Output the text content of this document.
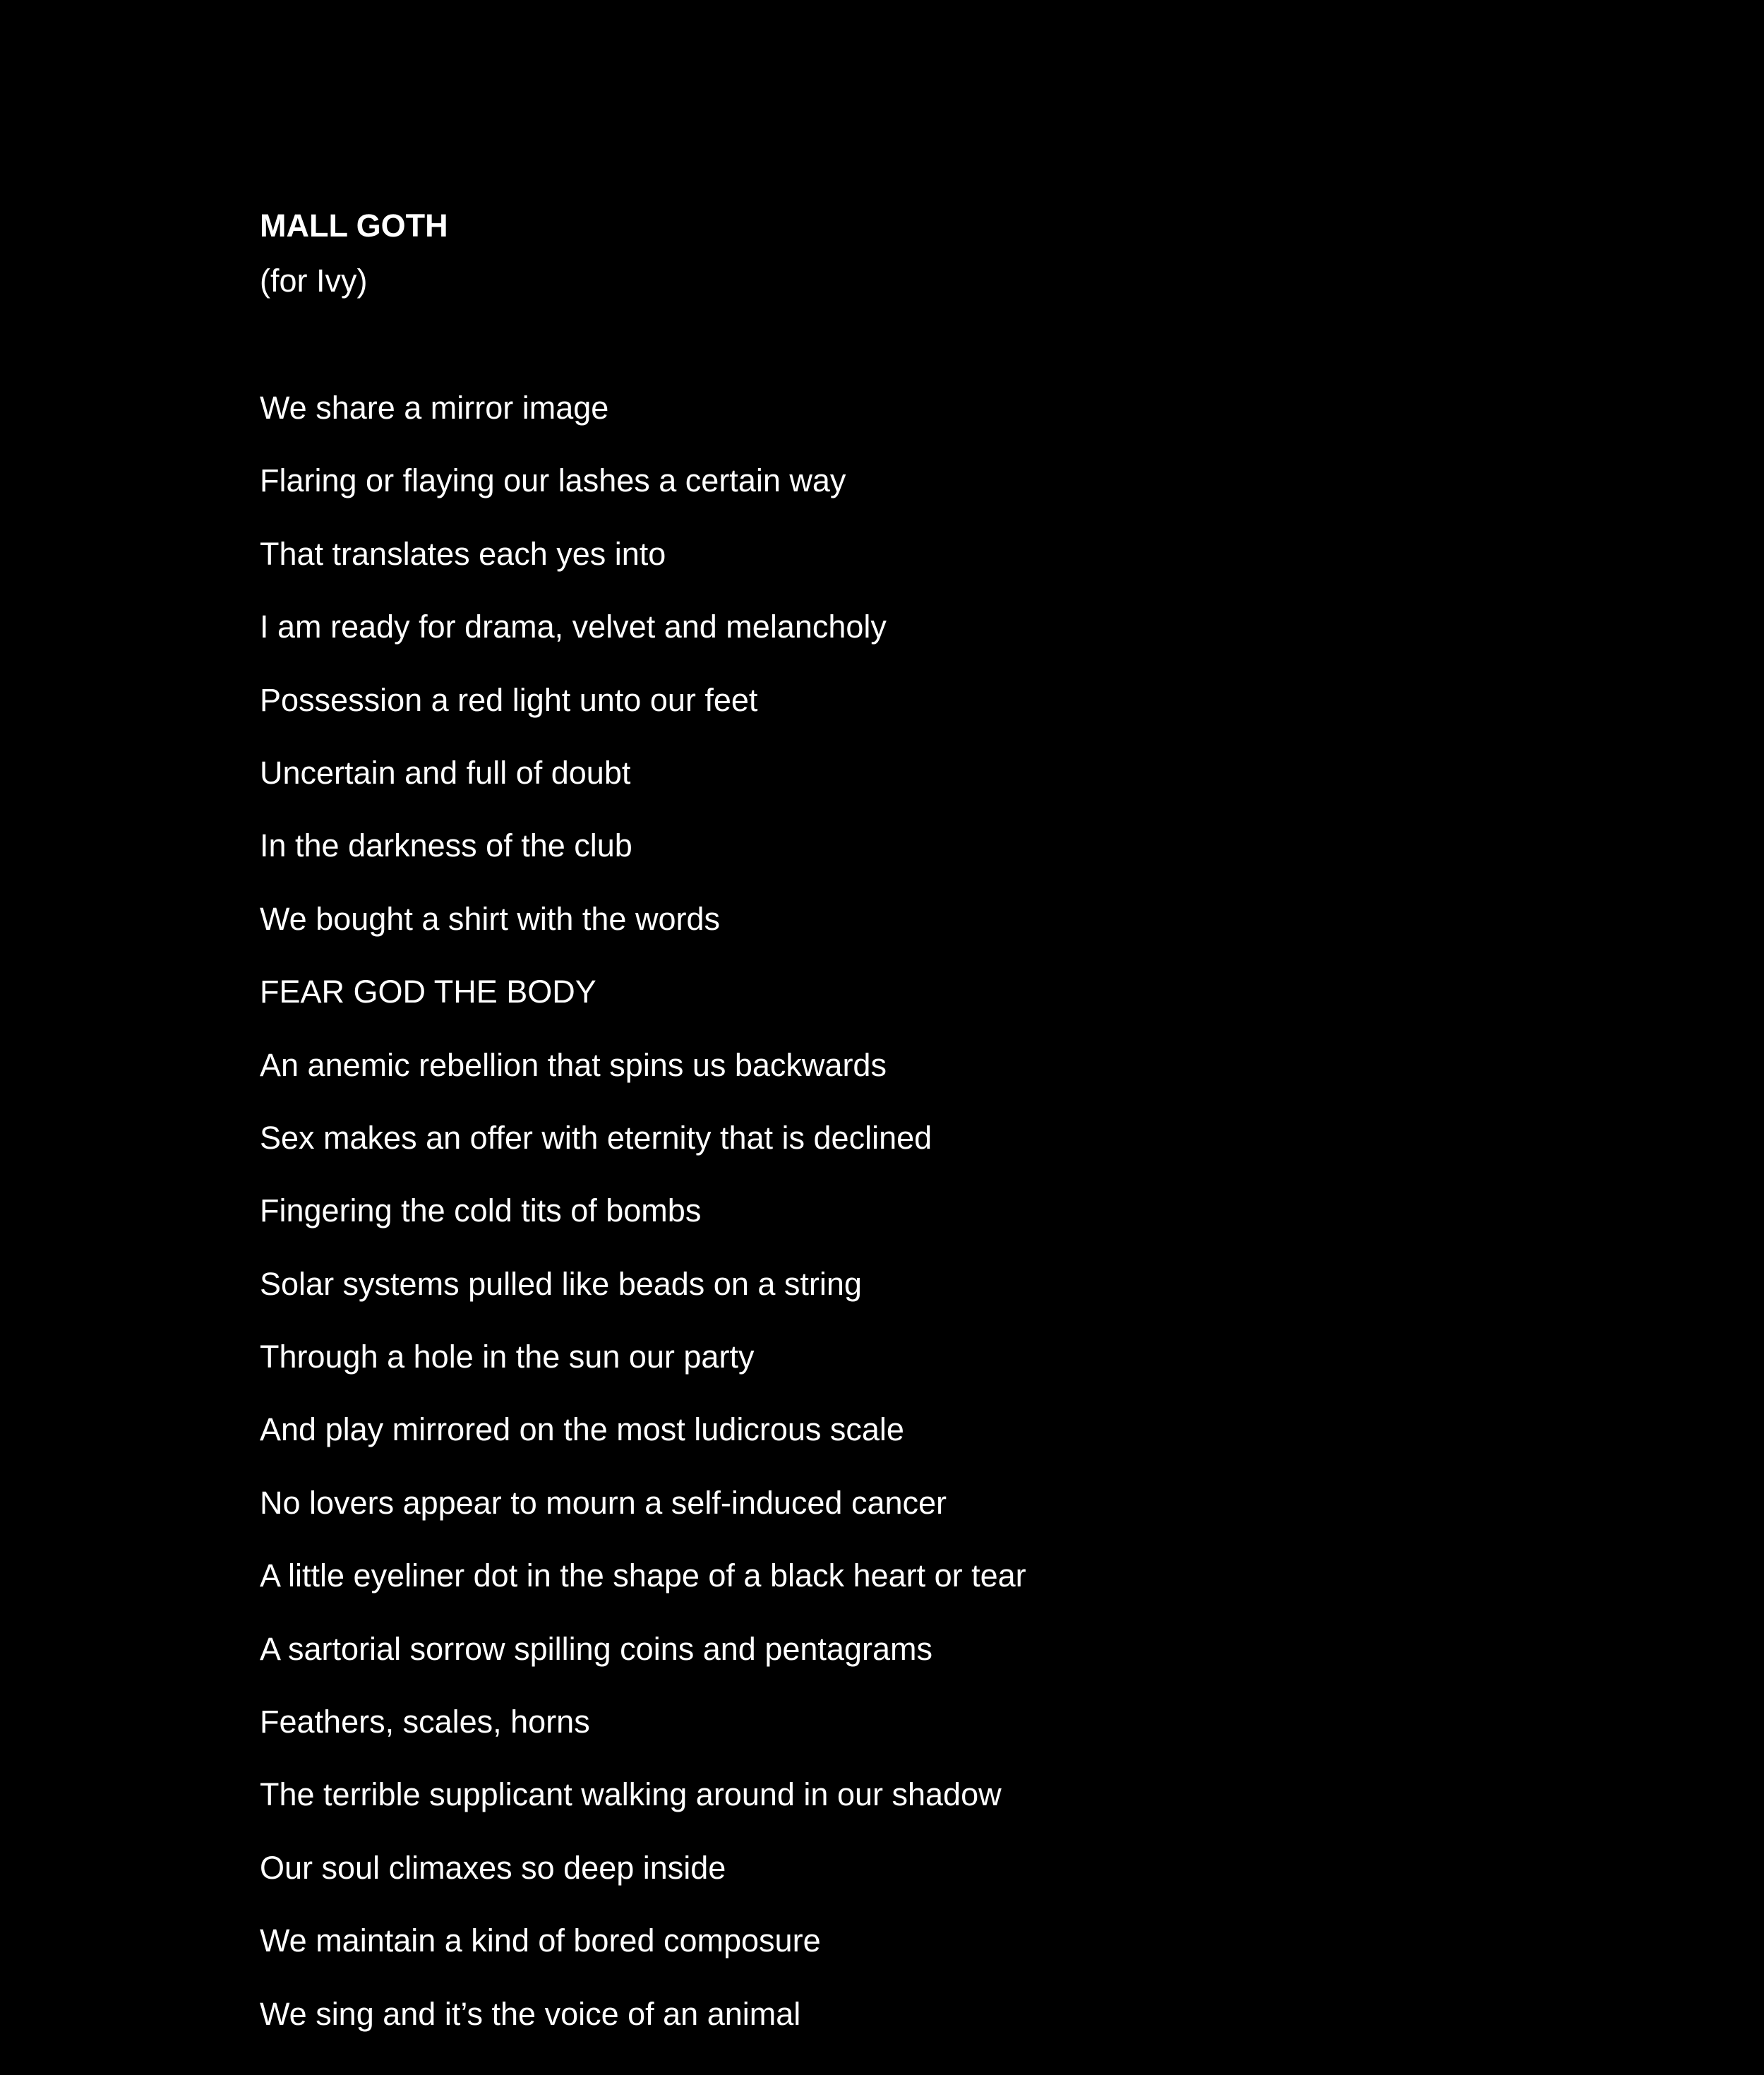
MALL GOTH
(for Ivy)
We share a mirror image
Flaring or flaying our lashes a certain way
That translates each yes into
I am ready for drama, velvet and melancholy
Possession a red light unto our feet
Uncertain and full of doubt
In the darkness of the club
We bought a shirt with the words
FEAR GOD THE BODY
An anemic rebellion that spins us backwards
Sex makes an offer with eternity that is declined
Fingering the cold tits of bombs
Solar systems pulled like beads on a string
Through a hole in the sun our party
And play mirrored on the most ludicrous scale
No lovers appear to mourn a self-induced cancer
A little eyeliner dot in the shape of a black heart or tear
A sartorial sorrow spilling coins and pentagrams
Feathers, scales, horns
The terrible supplicant walking around in our shadow
Our soul climaxes so deep inside
We maintain a kind of bored composure
We sing and it’s the voice of an animal
